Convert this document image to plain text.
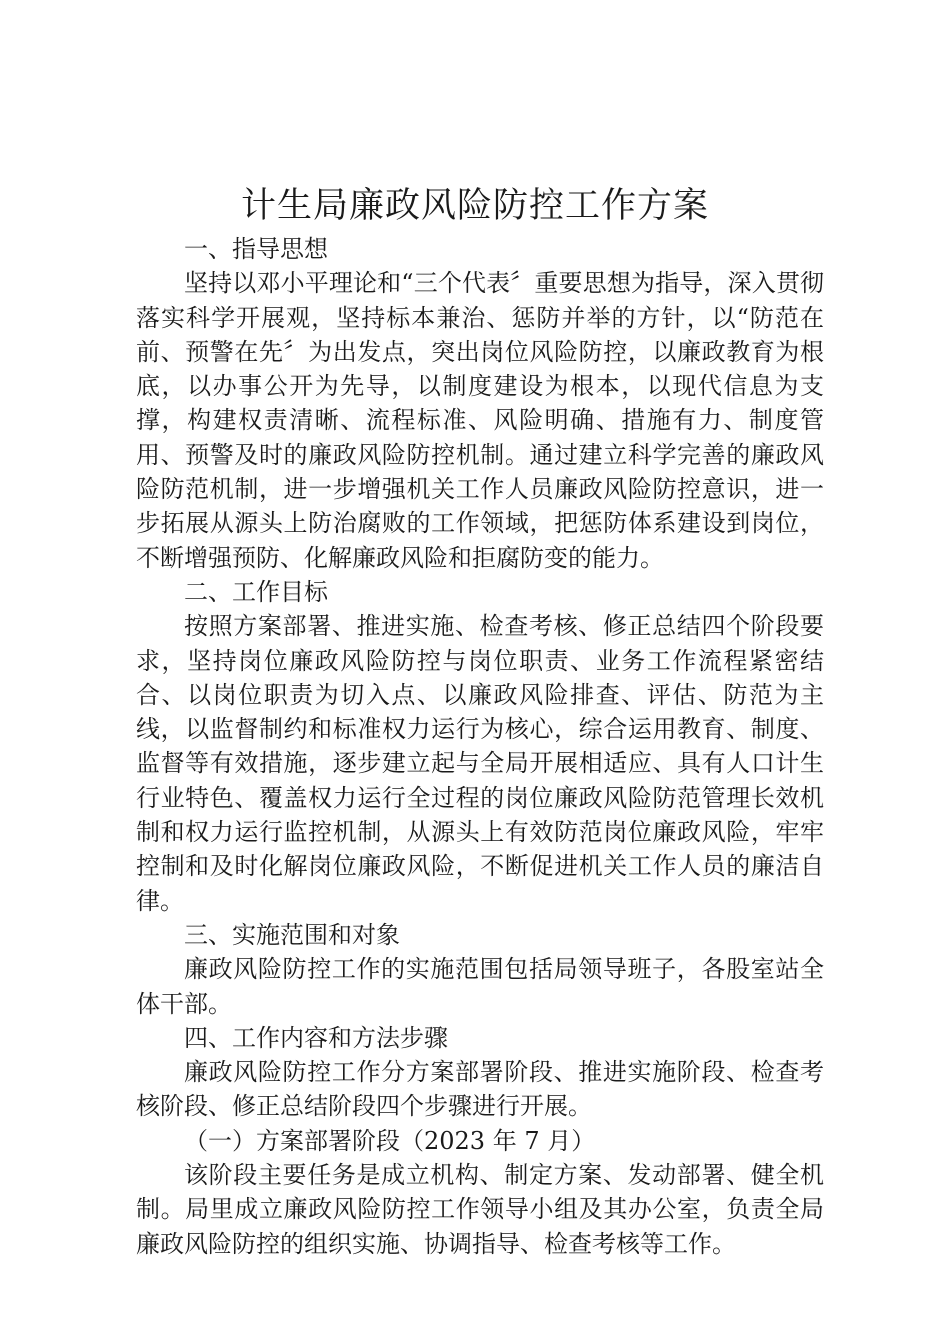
计生局廉政风险防控工作方案

一、指导思想

坚持以邓小平理论和“三个代表〞重要思想为指导，深入贯彻落实科学开展观，坚持标本兼治、惩防并举的方针，以“防范在前、预警在先〞为出发点，突出岗位风险防控，以廉政教育为根底，以办事公开为先导，以制度建设为根本，以现代信息为支撑，构建权责清晰、流程标准、风险明确、措施有力、制度管用、预警及时的廉政风险防控机制。通过建立科学完善的廉政风险防范机制，进一步增强机关工作人员廉政风险防控意识，进一步拓展从源头上防治腐败的工作领域，把惩防体系建设到岗位，不断增强预防、化解廉政风险和拒腐防变的能力。

二、工作目标

按照方案部署、推进实施、检查考核、修正总结四个阶段要求，坚持岗位廉政风险防控与岗位职责、业务工作流程紧密结合、以岗位职责为切入点、以廉政风险排查、评估、防范为主线，以监督制约和标准权力运行为核心，综合运用教育、制度、监督等有效措施，逐步建立起与全局开展相适应、具有人口计生行业特色、覆盖权力运行全过程的岗位廉政风险防范管理长效机制和权力运行监控机制，从源头上有效防范岗位廉政风险，牢牢控制和及时化解岗位廉政风险，不断促进机关工作人员的廉洁自律。

三、实施范围和对象

廉政风险防控工作的实施范围包括局领导班子，各股室站全体干部。

四、工作内容和方法步骤

廉政风险防控工作分方案部署阶段、推进实施阶段、检查考核阶段、修正总结阶段四个步骤进行开展。

（一）方案部署阶段（2023 年 7 月）

该阶段主要任务是成立机构、制定方案、发动部署、健全机制。局里成立廉政风险防控工作领导小组及其办公室，负责全局廉政风险防控的组织实施、协调指导、检查考核等工作。
